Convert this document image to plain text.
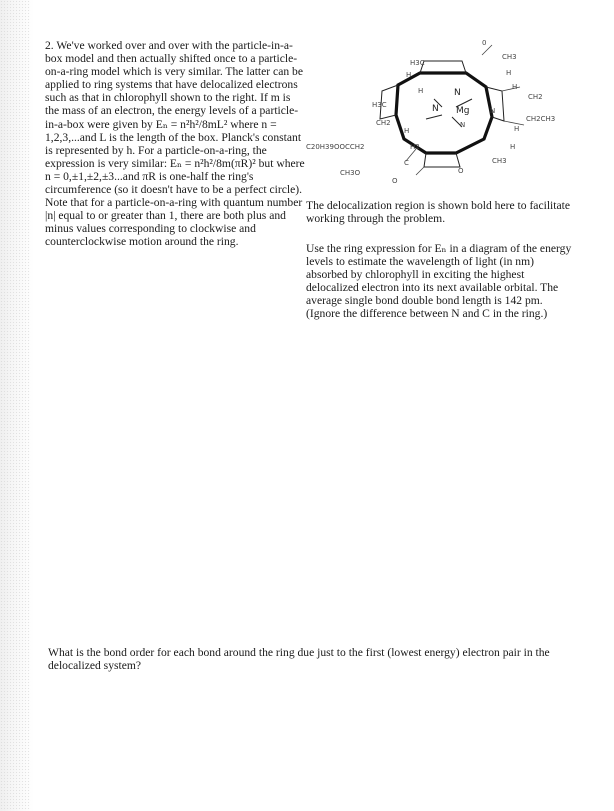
2. We've worked over and over with the particle-in-a-box model and then actually shifted once to a particle-on-a-ring model which is very similar. The latter can be applied to ring systems that have delocalized electrons such as that in chlorophyll shown to the right. If m is the mass of an electron, the energy levels of a particle-in-a-box were given by Eₙ = n²h²/8mL² where n = 1,2,3,...and L is the length of the box. Planck's constant is represented by h. For a particle-on-a-ring, the expression is very similar: Eₙ = n²h²/8m(πR)² but where n = 0,±1,±2,±3...and πR is one-half the ring's circumference (so it doesn't have to be a perfect circle). Note that for a particle-on-a-ring with quantum number |n| equal to or greater than 1, there are both plus and minus values corresponding to clockwise and counterclockwise motion around the ring.

0
CH3
H3C
H
H
H
H
CH2
CH2CH3
H3C
N
N	N
N
Mg
CH2
H	H
C20H39OOCCH2	H2
C	CH3
H
CH3O	O
O

The delocalization region is shown bold here to facilitate working through the problem.

Use the ring expression for Eₙ in a diagram of the energy levels to estimate the wavelength of light (in nm) absorbed by chlorophyll in exciting the highest delocalized electron into its next available orbital. The average single bond double bond length is 142 pm. (Ignore the difference between N and C in the ring.)

What is the bond order for each bond around the ring due just to the first (lowest energy) electron pair in the delocalized system?
